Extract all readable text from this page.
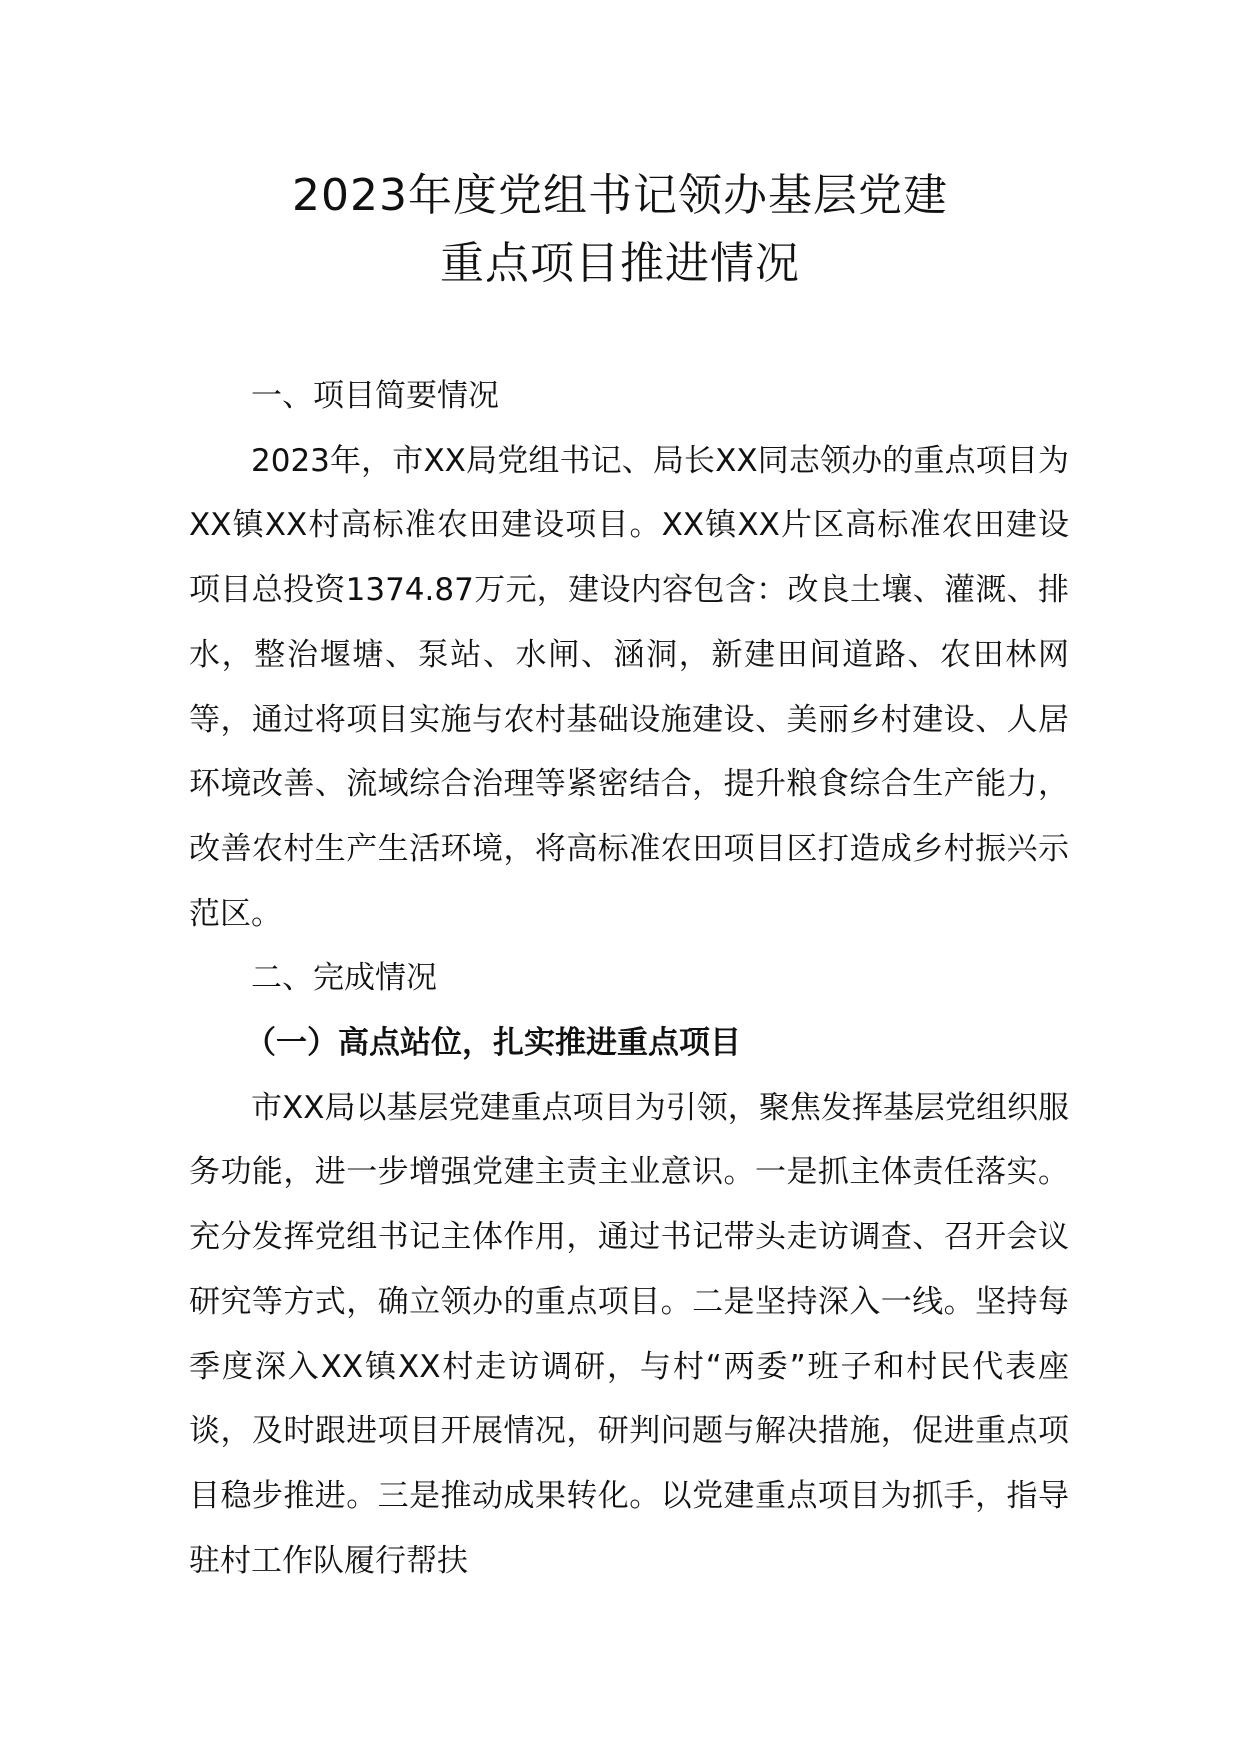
2023年度党组书记领办基层党建
重点项目推进情况

一、项目简要情况

2023年，市XX局党组书记、局长XX同志领办的重点项目为XX镇XX村高标准农田建设项目。XX镇XX片区高标准农田建设项目总投资1374.87万元，建设内容包含：改良土壤、灌溉、排水，整治堰塘、泵站、水闸、涵洞，新建田间道路、农田林网等，通过将项目实施与农村基础设施建设、美丽乡村建设、人居环境改善、流域综合治理等紧密结合，提升粮食综合生产能力，改善农村生产生活环境，将高标准农田项目区打造成乡村振兴示范区。

二、完成情况

（一）高点站位，扎实推进重点项目

市XX局以基层党建重点项目为引领，聚焦发挥基层党组织服务功能，进一步增强党建主责主业意识。一是抓主体责任落实。充分发挥党组书记主体作用，通过书记带头走访调查、召开会议研究等方式，确立领办的重点项目。二是坚持深入一线。坚持每季度深入XX镇XX村走访调研，与村“两委”班子和村民代表座谈，及时跟进项目开展情况，研判问题与解决措施，促进重点项目稳步推进。三是推动成果转化。以党建重点项目为抓手，指导驻村工作队履行帮扶
